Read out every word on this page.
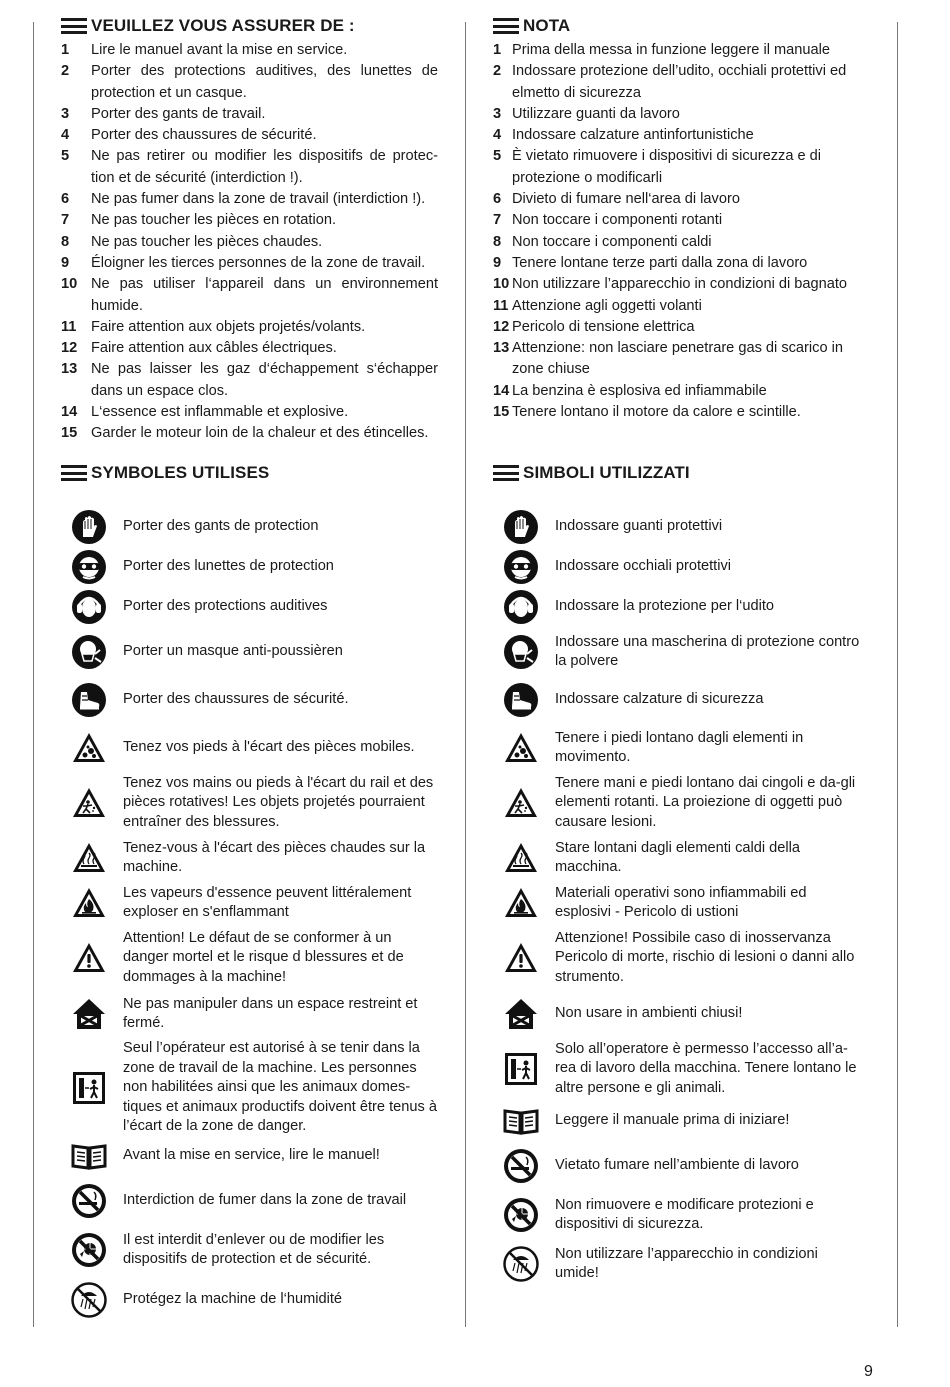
VEUILLEZ VOUS ASSURER DE :
1	Lire le manuel avant la mise en service.
2	Porter des protections auditives, des lunettes de protection et un casque.
3	Porter des gants de travail.
4	Porter des chaussures de sécurité.
5	Ne pas retirer ou modifier les dispositifs de protec-tion et de sécurité (interdiction !).
6	Ne pas fumer dans la zone de travail (interdiction !).
7	Ne pas toucher les pièces en rotation.
8	Ne pas toucher les pièces chaudes.
9	Éloigner les tierces personnes de la zone de travail.
10 Ne pas utiliser l‘appareil dans un environnement humide.
11 Faire attention aux objets projetés/volants.
12 Faire attention aux câbles électriques.
13 Ne pas laisser les gaz d‘échappement s‘échapper dans un espace clos.
14 L‘essence est inflammable et explosive.
15 Garder le moteur loin de la chaleur et des étincelles.
NOTA
1 Prima della messa in funzione leggere il manuale
2 Indossare protezione dell’udito, occhiali protettivi ed elmetto di sicurezza
3 Utilizzare guanti da lavoro
4 Indossare calzature antinfortunistiche
5 È vietato rimuovere i dispositivi di sicurezza e di protezione o modificarli
6 Divieto di fumare nell‘area di lavoro
7 Non toccare i componenti rotanti
8 Non toccare i componenti caldi
9 Tenere lontane terze parti dalla zona di lavoro
10 Non utilizzare l’apparecchio in condizioni di bagnato
11 Attenzione agli oggetti volanti
12 Pericolo di tensione elettrica
13 Attenzione: non lasciare penetrare gas di scarico in zone chiuse
14 La benzina è esplosiva ed infiammabile
15 Tenere lontano il motore da calore e scintille.
SYMBOLES UTILISES	SIMBOLI UTILIZZATI
Porter des gants de protection
Porter des lunettes de protection
Porter des protections auditives
Porter un masque anti-poussièren
Porter des chaussures de sécurité.
Tenez vos pieds à l'écart des pièces mobiles.
Tenez vos mains ou pieds à l'écart du rail et des pièces rotatives! Les objets projetés pourraient entraîner des blessures.
Tenez-vous à l'écart des pièces chaudes sur la machine.
Les vapeurs d'essence peuvent littéralement exploser en s'enflammant
Attention! Le défaut de se conformer à un danger mortel et le risque d blessures et de dommages à la machine!
Ne pas manipuler dans un espace restreint et fermé.
Seul l’opérateur est autorisé à se tenir dans la zone de travail de la machine. Les personnes non habilitées ainsi que les animaux domes-tiques et animaux productifs doivent être tenus à l’écart de la zone de danger.
Avant la mise en service, lire le manuel!
Interdiction de fumer dans la zone de travail
Il est interdit d’enlever ou de modifier les dispositifs de protection et de sécurité.
Protégez la machine de l‘humidité
Indossare guanti protettivi
Indossare occhiali protettivi
Indossare la protezione per l‘udito
Indossare una mascherina di protezione contro la polvere
Indossare calzature di sicurezza
Tenere i piedi lontano dagli elementi in movimento.
Tenere mani e piedi lontano dai cingoli e da-gli elementi rotanti. La proiezione di oggetti può causare lesioni.
Stare lontani dagli elementi caldi della macchina.
Materiali operativi sono infiammabili ed esplosivi - Pericolo di ustioni
Attenzione! Possibile caso di inosservanza Pericolo di morte, rischio di lesioni o danni allo strumento.
Non usare in ambienti chiusi!
Solo all’operatore è permesso l’accesso all’a-rea di lavoro della macchina. Tenere lontano le altre persone e gli animali.
Leggere il manuale prima di iniziare!
Vietato fumare nell’ambiente di lavoro
Non rimuovere e modificare protezioni e dispositivi di sicurezza.
Non utilizzare l’apparecchio in condizioni umide!
9
